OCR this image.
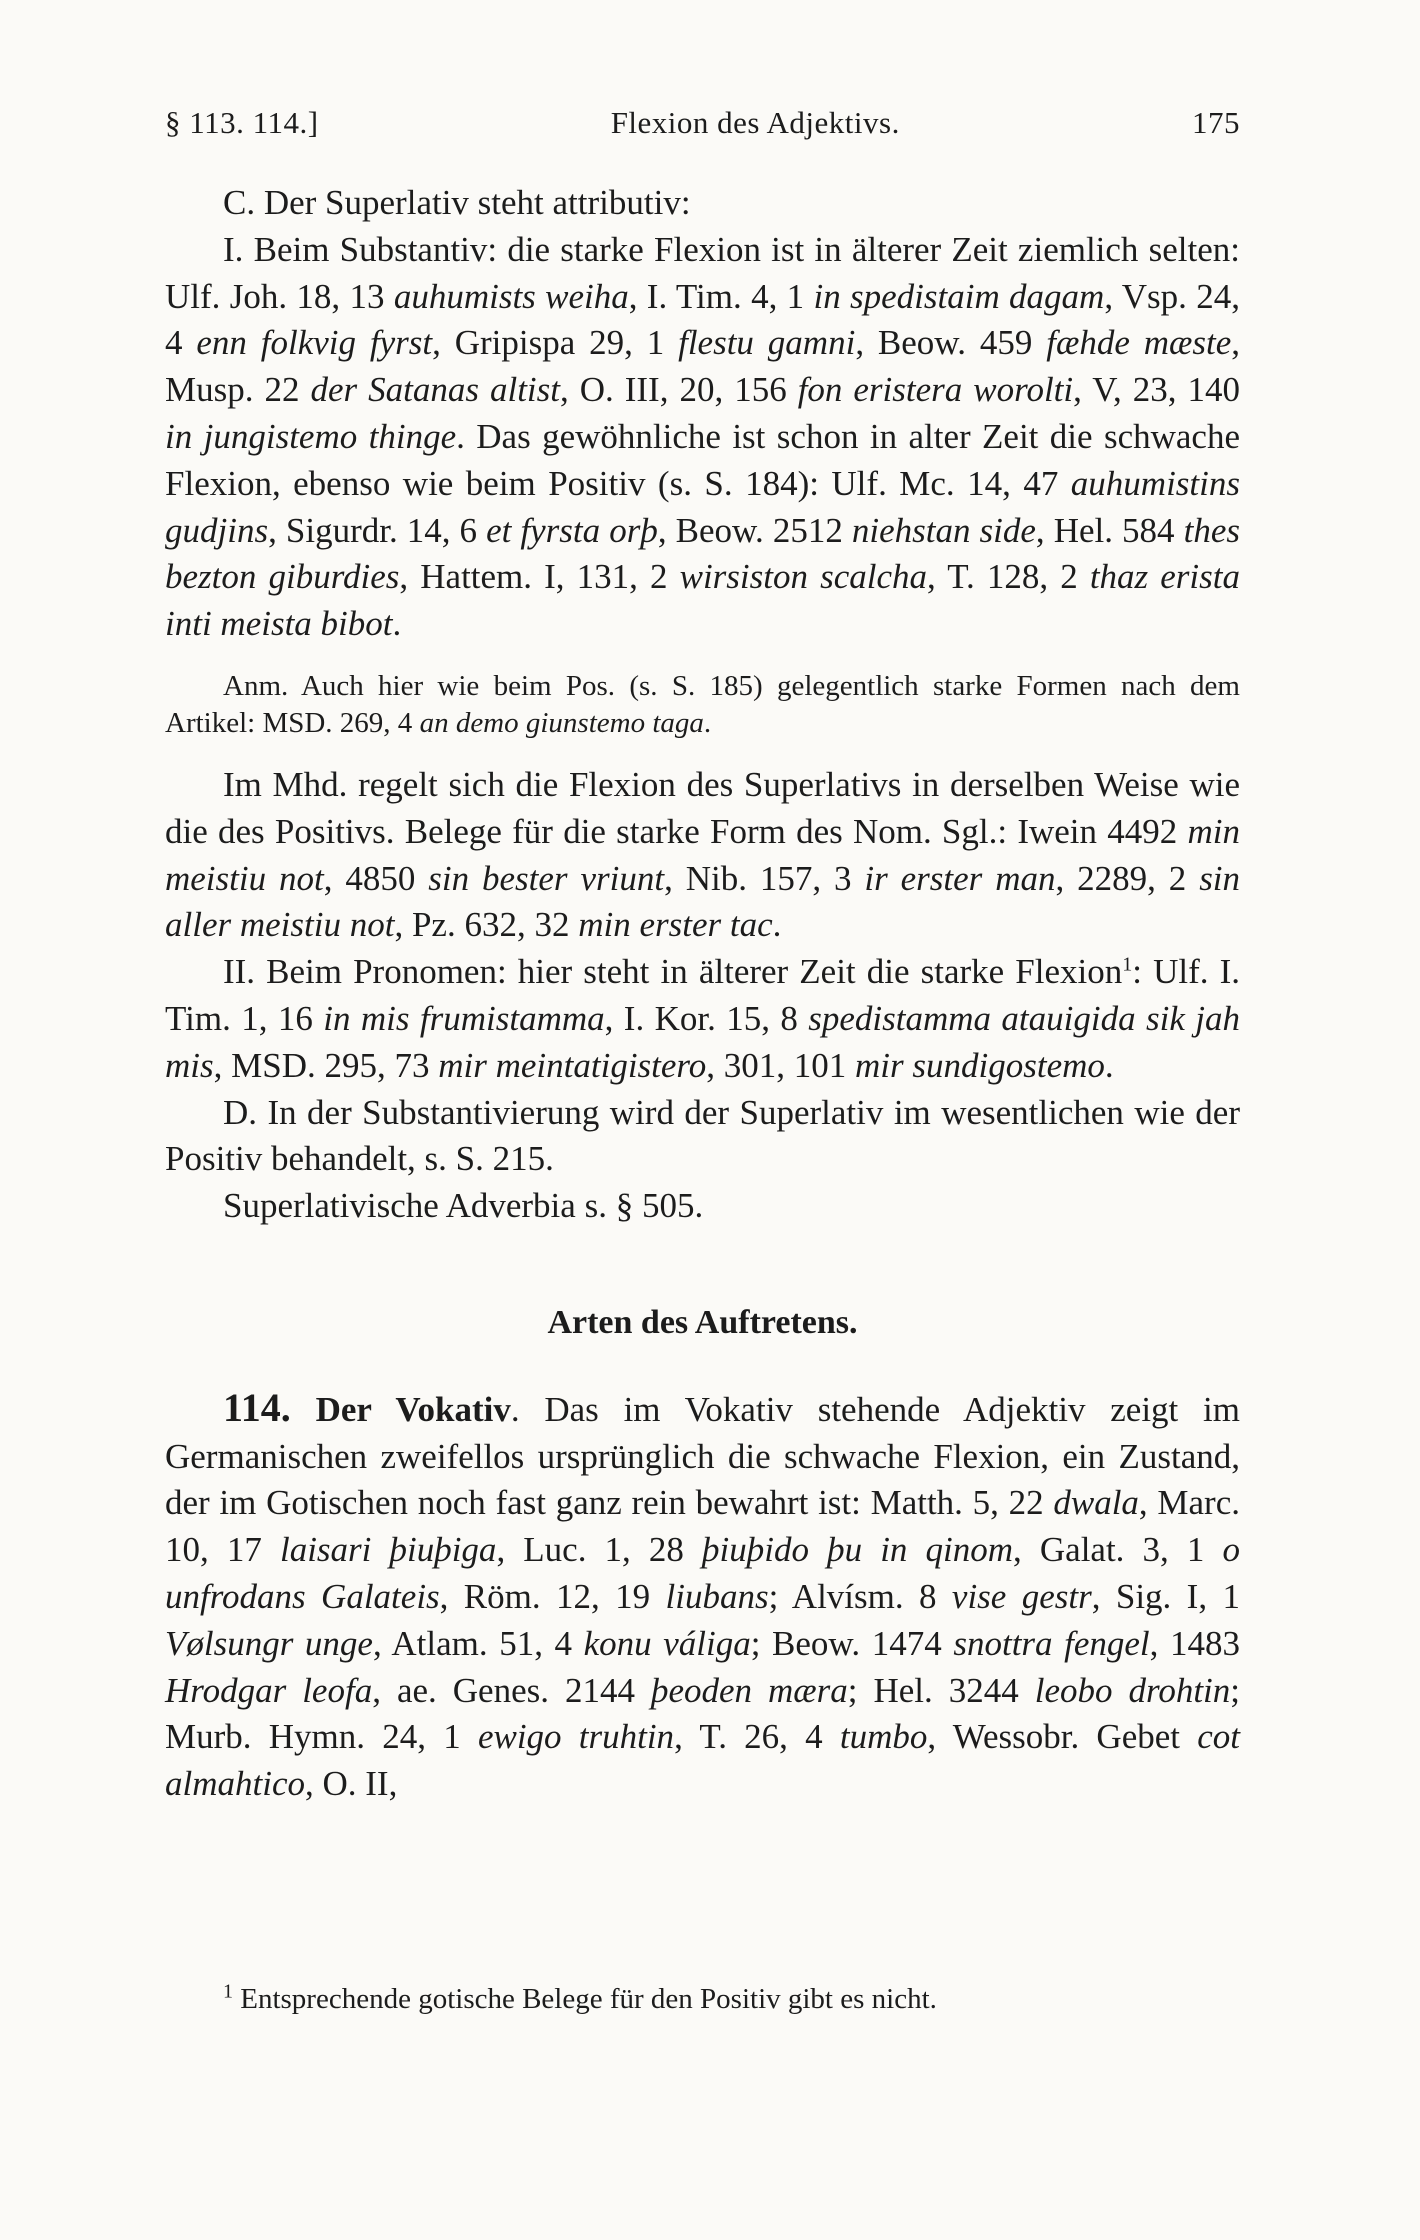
§ 113. 114.]	Flexion des Adjektivs.	175

C. Der Superlativ steht attributiv:

I. Beim Substantiv: die starke Flexion ist in älterer Zeit ziemlich selten: Ulf. Joh. 18, 13 auhumists weiha, I. Tim. 4, 1 in spedistaim dagam, Vsp. 24, 4 enn folkvig fyrst, Gripispa 29, 1 flestu gamni, Beow. 459 fæhde mæste, Musp. 22 der Satanas altist, O. III, 20, 156 fon eristera worolti, V, 23, 140 in jungistemo thinge. Das gewöhnliche ist schon in alter Zeit die schwache Flexion, ebenso wie beim Positiv (s. S. 184): Ulf. Mc. 14, 47 auhumistins gudjins, Sigurdr. 14, 6 et fyrsta orþ, Beow. 2512 niehstan side, Hel. 584 thes bezton giburdies, Hattem. I, 131, 2 wirsiston scalcha, T. 128, 2 thaz erista inti meista bibot.

Anm. Auch hier wie beim Pos. (s. S. 185) gelegentlich starke Formen nach dem Artikel: MSD. 269, 4 an demo giunstemo taga.

Im Mhd. regelt sich die Flexion des Superlativs in derselben Weise wie die des Positivs. Belege für die starke Form des Nom. Sgl.: Iwein 4492 min meistiu not, 4850 sin bester vriunt, Nib. 157, 3 ir erster man, 2289, 2 sin aller meistiu not, Pz. 632, 32 min erster tac.

II. Beim Pronomen: hier steht in älterer Zeit die starke Flexion$^1$: Ulf. I. Tim. 1, 16 in mis frumistamma, I. Kor. 15, 8 spedistamma atauigida sik jah mis, MSD. 295, 73 mir meintatigistero, 301, 101 mir sundigostemo.

D. In der Substantivierung wird der Superlativ im wesentlichen wie der Positiv behandelt, s. S. 215.

Superlativische Adverbia s. § 505.

Arten des Auftretens.

114. Der Vokativ. Das im Vokativ stehende Adjektiv zeigt im Germanischen zweifellos ursprünglich die schwache Flexion, ein Zustand, der im Gotischen noch fast ganz rein bewahrt ist: Matth. 5, 22 dwala, Marc. 10, 17 laisari þiuþiga, Luc. 1, 28 þiuþido þu in qinom, Galat. 3, 1 o unfrodans Galateis, Röm. 12, 19 liubans; Alvísm. 8 vise gestr, Sig. I, 1 Vølsungr unge, Atlam. 51, 4 konu váliga; Beow. 1474 snottra fengel, 1483 Hrodgar leofa, ae. Genes. 2144 þeoden mæra; Hel. 3244 leobo drohtin; Murb. Hymn. 24, 1 ewigo truhtin, T. 26, 4 tumbo, Wessobr. Gebet cot almahtico, O. II,

$^1$ Entsprechende gotische Belege für den Positiv gibt es nicht.
